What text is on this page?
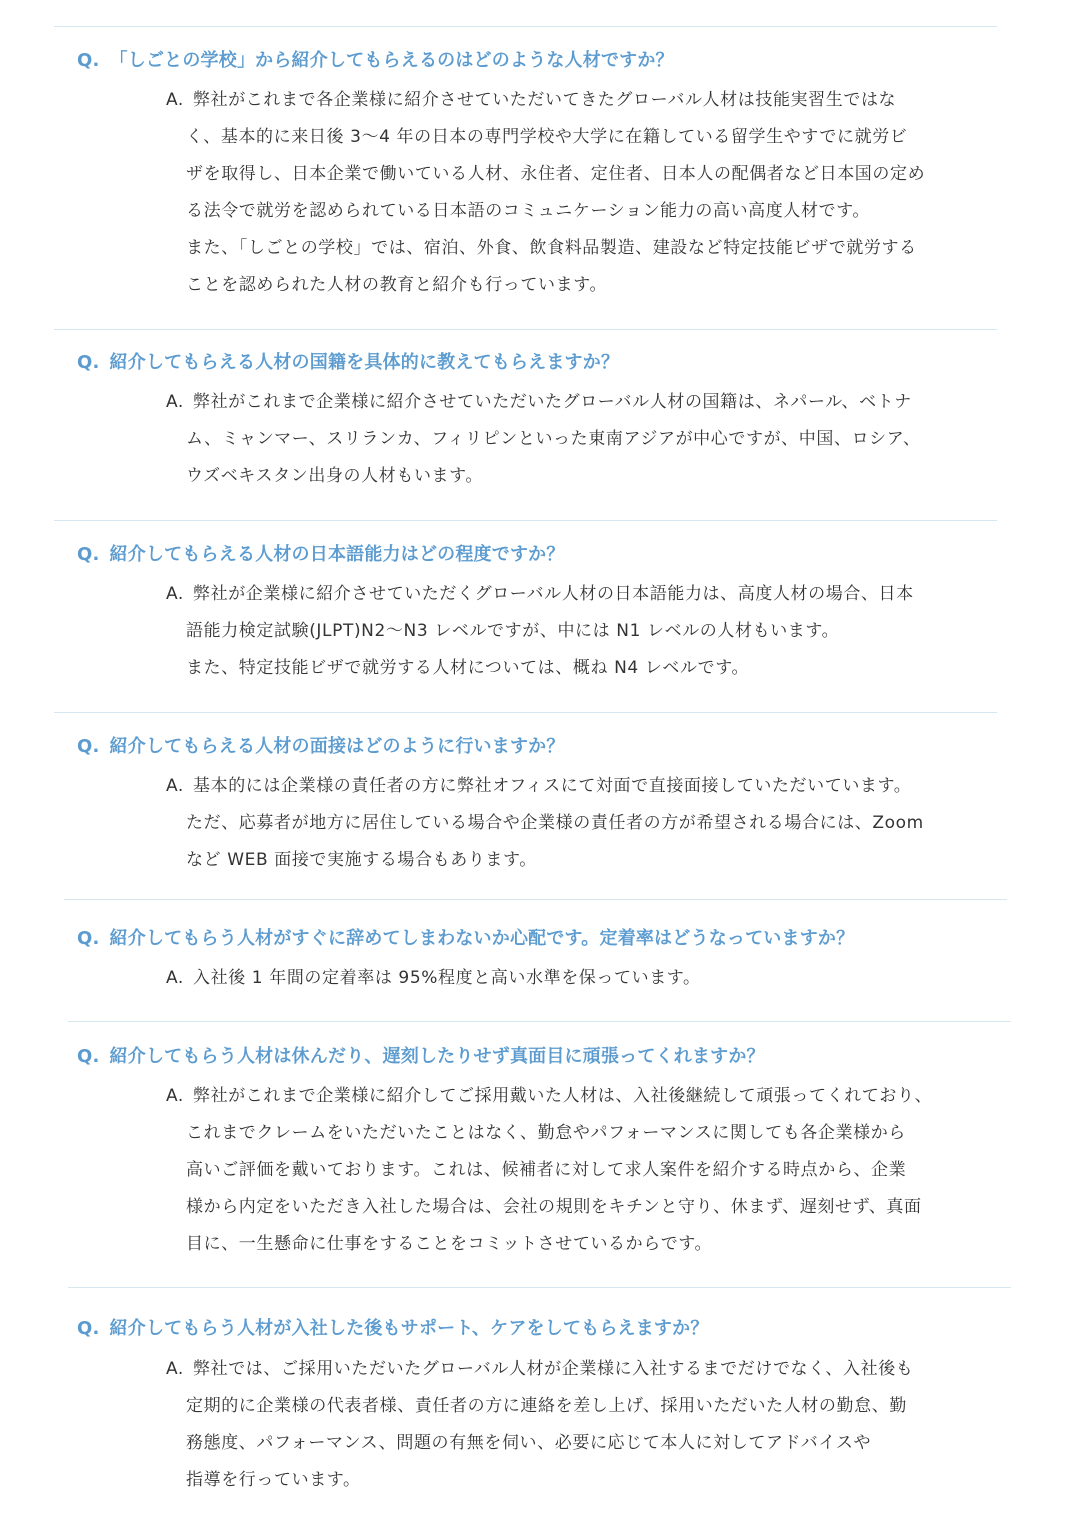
Q. 「しごとの学校」から紹介してもらえるのはどのような人材ですか？
A. 弊社がこれまで各企業様に紹介させていただいてきたグローバル人材は技能実習生ではな
く、基本的に来日後 3〜4 年の日本の専門学校や大学に在籍している留学生やすでに就労ビ
ザを取得し、日本企業で働いている人材、永住者、定住者、日本人の配偶者など日本国の定め
る法令で就労を認められている日本語のコミュニケーション能力の高い高度人材です。
また、「しごとの学校」では、宿泊、外食、飲食料品製造、建設など特定技能ビザで就労する
ことを認められた人材の教育と紹介も行っています。
Q. 紹介してもらえる人材の国籍を具体的に教えてもらえますか？
A. 弊社がこれまで企業様に紹介させていただいたグローバル人材の国籍は、ネパール、ベトナ
ム、ミャンマー、スリランカ、フィリピンといった東南アジアが中心ですが、中国、ロシア、
ウズベキスタン出身の人材もいます。
Q. 紹介してもらえる人材の日本語能力はどの程度ですか？
A. 弊社が企業様に紹介させていただくグローバル人材の日本語能力は、高度人材の場合、日本
語能力検定試験(JLPT)N2〜N3 レベルですが、中には N1 レベルの人材もいます。
また、特定技能ビザで就労する人材については、概ね N4 レベルです。
Q. 紹介してもらえる人材の面接はどのように行いますか？
A. 基本的には企業様の責任者の方に弊社オフィスにて対面で直接面接していただいています。
ただ、応募者が地方に居住している場合や企業様の責任者の方が希望される場合には、Zoom
など WEB 面接で実施する場合もあります。
Q. 紹介してもらう人材がすぐに辞めてしまわないか心配です。定着率はどうなっていますか？
A. 入社後 1 年間の定着率は 95%程度と高い水準を保っています。
Q. 紹介してもらう人材は休んだり、遅刻したりせず真面目に頑張ってくれますか？
A. 弊社がこれまで企業様に紹介してご採用戴いた人材は、入社後継続して頑張ってくれており、
これまでクレームをいただいたことはなく、勤怠やパフォーマンスに関しても各企業様から
高いご評価を戴いております。これは、候補者に対して求人案件を紹介する時点から、企業
様から内定をいただき入社した場合は、会社の規則をキチンと守り、休まず、遅刻せず、真面
目に、一生懸命に仕事をすることをコミットさせているからです。
Q. 紹介してもらう人材が入社した後もサポート、ケアをしてもらえますか？
A. 弊社では、ご採用いただいたグローバル人材が企業様に入社するまでだけでなく、入社後も
定期的に企業様の代表者様、責任者の方に連絡を差し上げ、採用いただいた人材の勤怠、勤
務態度、パフォーマンス、問題の有無を伺い、必要に応じて本人に対してアドバイスや
指導を行っています。
